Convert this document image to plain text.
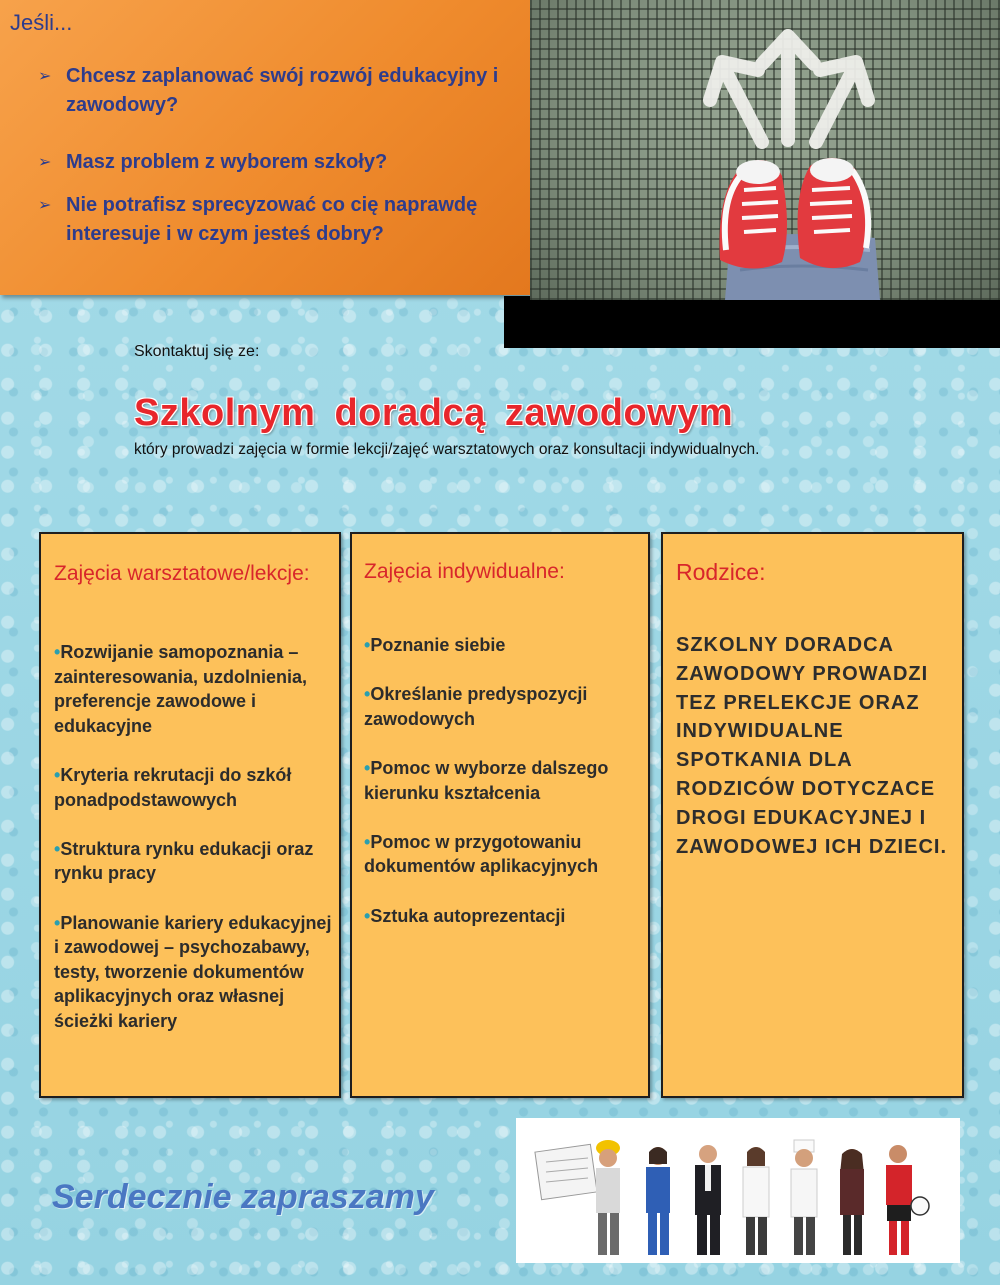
Jeśli...
➢ Chcesz zaplanować swój rozwój edukacyjny i zawodowy?
➢ Masz problem z wyborem szkoły?
➢ Nie potrafisz sprecyzować co cię naprawdę interesuje i w czym jesteś dobry?
Skontaktuj się ze:
Szkolnym doradcą zawodowym
który prowadzi zajęcia w formie lekcji/zajęć warsztatowych oraz konsultacji indywidualnych.
Zajęcia warsztatowe/lekcje:
•Rozwijanie samopoznania – zainteresowania, uzdolnienia, preferencje zawodowe i edukacyjne
•Kryteria rekrutacji do szkół ponadpodstawowych
•Struktura rynku edukacji oraz rynku pracy
•Planowanie kariery edukacyjnej i zawodowej – psychozabawy, testy, tworzenie dokumentów aplikacyjnych oraz własnej ścieżki kariery
Zajęcia indywidualne:
•Poznanie siebie
•Określanie predyspozycji zawodowych
•Pomoc w wyborze dalszego kierunku kształcenia
•Pomoc w przygotowaniu dokumentów aplikacyjnych
•Sztuka autoprezentacji
Rodzice:
SZKOLNY DORADCA ZAWODOWY PROWADZI TEZ PRELEKCJE ORAZ INDYWIDUALNE SPOTKANIA DLA RODZICÓW DOTYCZACE DROGI EDUKACYJNEJ I ZAWODOWEJ ICH DZIECI.
Serdecznie zapraszamy
